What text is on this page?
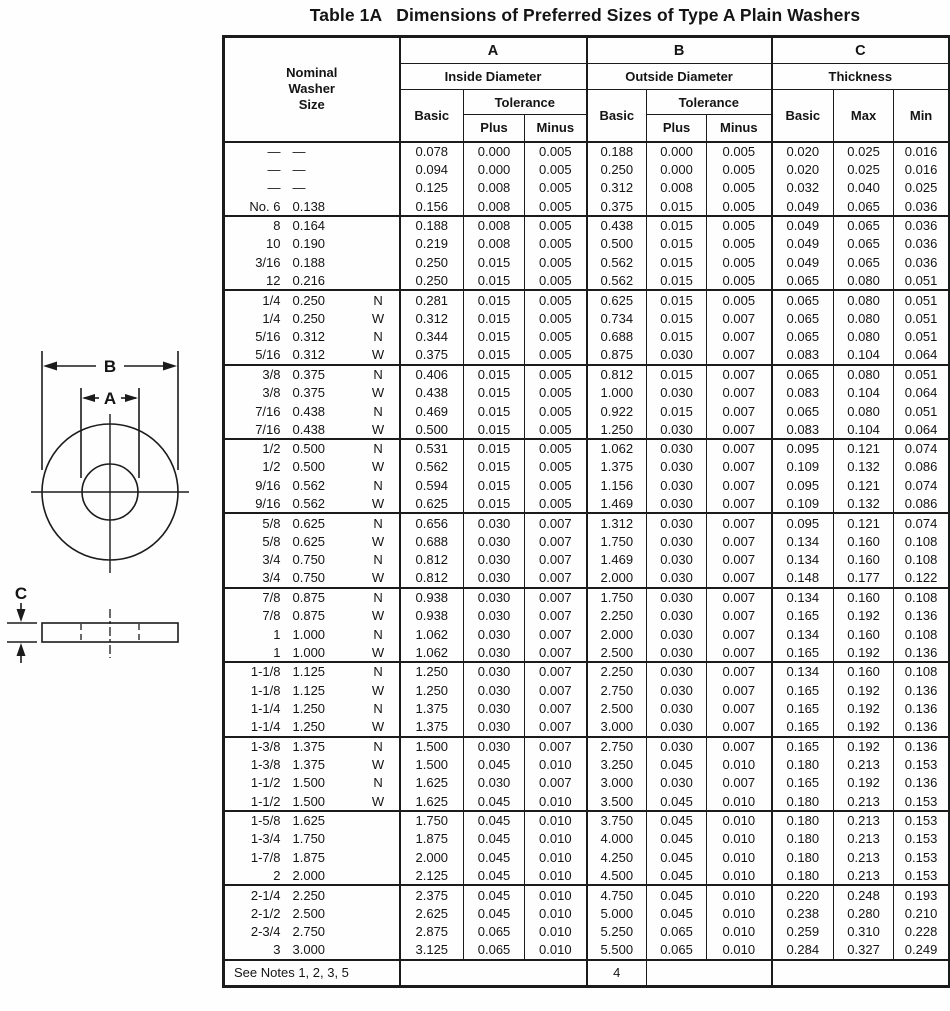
Table 1A Dimensions of Preferred Sizes of Type A Plain Washers
B
A
C
Nominal
Washer
Size			A			B			C		
			Inside Diameter			Outside Diameter			Thickness		
			Basic	Tolerance		Basic	Tolerance		Basic	Max	Min
				Plus	Minus		Plus	Minus			
—	—		0.078	0.000	0.005	0.188	0.000	0.005	0.020	0.025	0.016
—	—		0.094	0.000	0.005	0.250	0.000	0.005	0.020	0.025	0.016
—	—		0.125	0.008	0.005	0.312	0.008	0.005	0.032	0.040	0.025
No. 6	0.138		0.156	0.008	0.005	0.375	0.015	0.005	0.049	0.065	0.036
8	0.164		0.188	0.008	0.005	0.438	0.015	0.005	0.049	0.065	0.036
10	0.190		0.219	0.008	0.005	0.500	0.015	0.005	0.049	0.065	0.036
3/16	0.188		0.250	0.015	0.005	0.562	0.015	0.005	0.049	0.065	0.036
12	0.216		0.250	0.015	0.005	0.562	0.015	0.005	0.065	0.080	0.051
1/4	0.250	N	0.281	0.015	0.005	0.625	0.015	0.005	0.065	0.080	0.051
1/4	0.250	W	0.312	0.015	0.005	0.734	0.015	0.007	0.065	0.080	0.051
5/16	0.312	N	0.344	0.015	0.005	0.688	0.015	0.007	0.065	0.080	0.051
5/16	0.312	W	0.375	0.015	0.005	0.875	0.030	0.007	0.083	0.104	0.064
3/8	0.375	N	0.406	0.015	0.005	0.812	0.015	0.007	0.065	0.080	0.051
3/8	0.375	W	0.438	0.015	0.005	1.000	0.030	0.007	0.083	0.104	0.064
7/16	0.438	N	0.469	0.015	0.005	0.922	0.015	0.007	0.065	0.080	0.051
7/16	0.438	W	0.500	0.015	0.005	1.250	0.030	0.007	0.083	0.104	0.064
1/2	0.500	N	0.531	0.015	0.005	1.062	0.030	0.007	0.095	0.121	0.074
1/2	0.500	W	0.562	0.015	0.005	1.375	0.030	0.007	0.109	0.132	0.086
9/16	0.562	N	0.594	0.015	0.005	1.156	0.030	0.007	0.095	0.121	0.074
9/16	0.562	W	0.625	0.015	0.005	1.469	0.030	0.007	0.109	0.132	0.086
5/8	0.625	N	0.656	0.030	0.007	1.312	0.030	0.007	0.095	0.121	0.074
5/8	0.625	W	0.688	0.030	0.007	1.750	0.030	0.007	0.134	0.160	0.108
3/4	0.750	N	0.812	0.030	0.007	1.469	0.030	0.007	0.134	0.160	0.108
3/4	0.750	W	0.812	0.030	0.007	2.000	0.030	0.007	0.148	0.177	0.122
7/8	0.875	N	0.938	0.030	0.007	1.750	0.030	0.007	0.134	0.160	0.108
7/8	0.875	W	0.938	0.030	0.007	2.250	0.030	0.007	0.165	0.192	0.136
1	1.000	N	1.062	0.030	0.007	2.000	0.030	0.007	0.134	0.160	0.108
1	1.000	W	1.062	0.030	0.007	2.500	0.030	0.007	0.165	0.192	0.136
1-1/8	1.125	N	1.250	0.030	0.007	2.250	0.030	0.007	0.134	0.160	0.108
1-1/8	1.125	W	1.250	0.030	0.007	2.750	0.030	0.007	0.165	0.192	0.136
1-1/4	1.250	N	1.375	0.030	0.007	2.500	0.030	0.007	0.165	0.192	0.136
1-1/4	1.250	W	1.375	0.030	0.007	3.000	0.030	0.007	0.165	0.192	0.136
1-3/8	1.375	N	1.500	0.030	0.007	2.750	0.030	0.007	0.165	0.192	0.136
1-3/8	1.375	W	1.500	0.045	0.010	3.250	0.045	0.010	0.180	0.213	0.153
1-1/2	1.500	N	1.625	0.030	0.007	3.000	0.030	0.007	0.165	0.192	0.136
1-1/2	1.500	W	1.625	0.045	0.010	3.500	0.045	0.010	0.180	0.213	0.153
1-5/8	1.625		1.750	0.045	0.010	3.750	0.045	0.010	0.180	0.213	0.153
1-3/4	1.750		1.875	0.045	0.010	4.000	0.045	0.010	0.180	0.213	0.153
1-7/8	1.875		2.000	0.045	0.010	4.250	0.045	0.010	0.180	0.213	0.153
2	2.000		2.125	0.045	0.010	4.500	0.045	0.010	0.180	0.213	0.153
2-1/4	2.250		2.375	0.045	0.010	4.750	0.045	0.010	0.220	0.248	0.193
2-1/2	2.500		2.625	0.045	0.010	5.000	0.045	0.010	0.238	0.280	0.210
2-3/4	2.750		2.875	0.065	0.010	5.250	0.065	0.010	0.259	0.310	0.228
3	3.000		3.125	0.065	0.010	5.500	0.065	0.010	0.284	0.327	0.249
See Notes 1, 2, 3, 5						4					
